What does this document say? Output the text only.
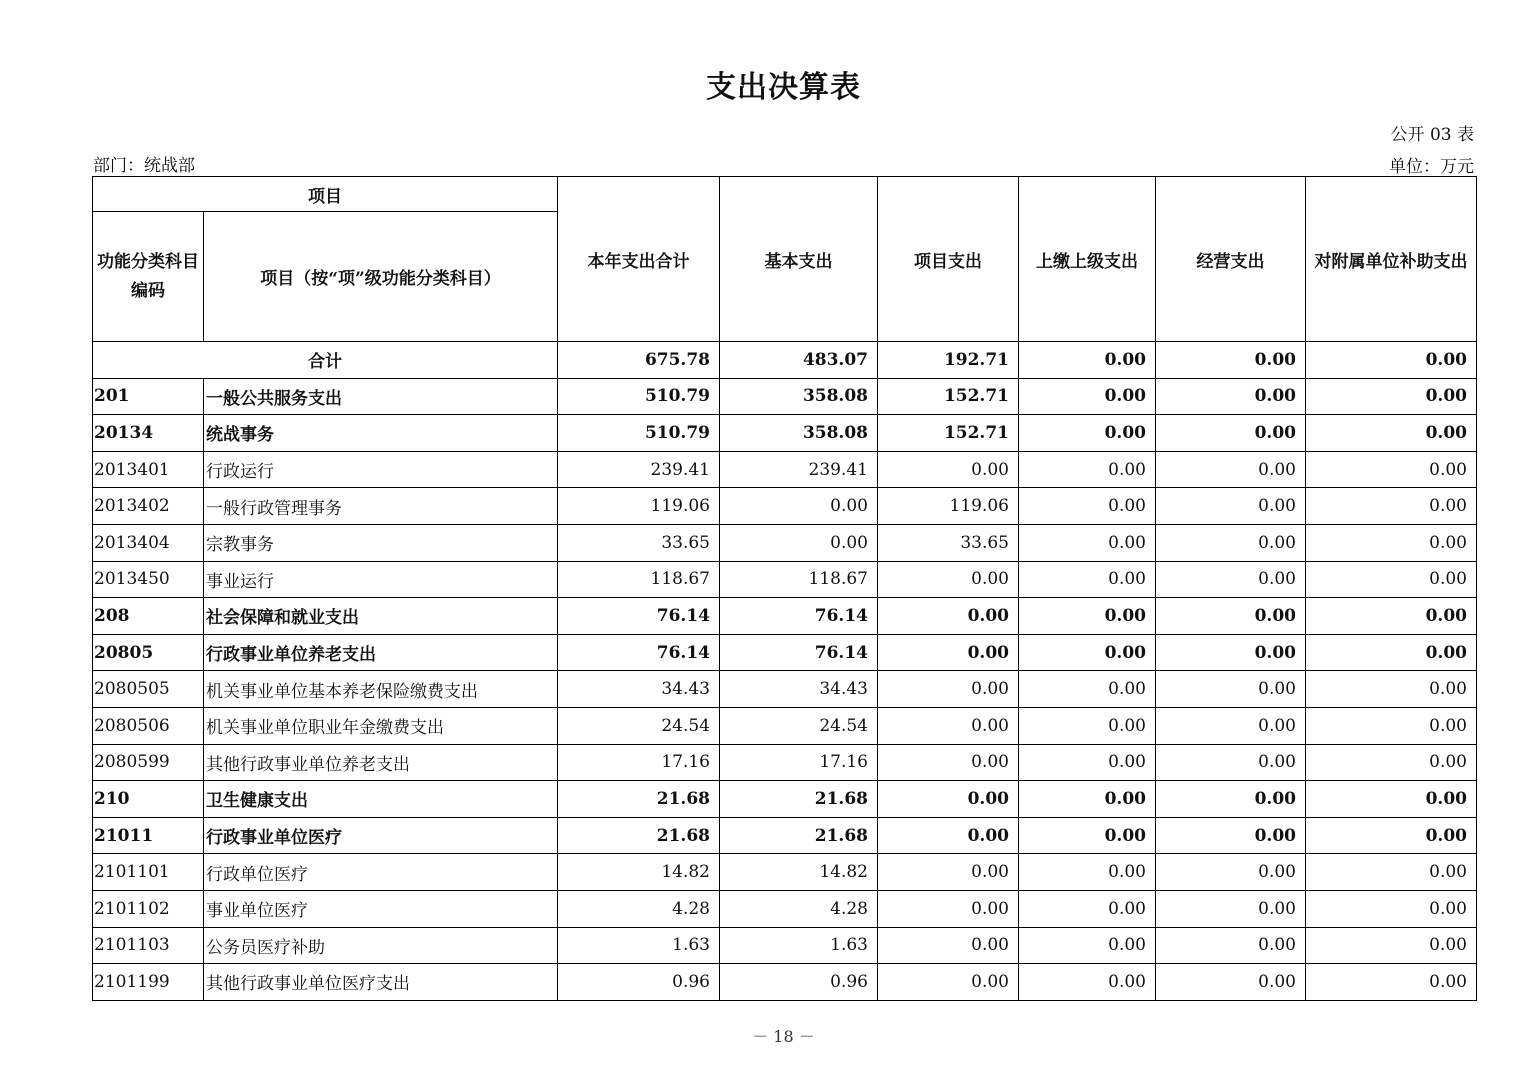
支出决算表
公开 03 表
部门：统战部	单位：万元
项目		本年支出合计	基本支出	项目支出	上缴上级支出	经营支出	对附属单位补助支出
功能分类科目编码	项目（按“项”级功能分类科目）						
合计		675.78	483.07	192.71	0.00	0.00	0.00
201	一般公共服务支出	510.79	358.08	152.71	0.00	0.00	0.00
20134	统战事务	510.79	358.08	152.71	0.00	0.00	0.00
2013401	行政运行	239.41	239.41	0.00	0.00	0.00	0.00
2013402	一般行政管理事务	119.06	0.00	119.06	0.00	0.00	0.00
2013404	宗教事务	33.65	0.00	33.65	0.00	0.00	0.00
2013450	事业运行	118.67	118.67	0.00	0.00	0.00	0.00
208	社会保障和就业支出	76.14	76.14	0.00	0.00	0.00	0.00
20805	行政事业单位养老支出	76.14	76.14	0.00	0.00	0.00	0.00
2080505	机关事业单位基本养老保险缴费支出	34.43	34.43	0.00	0.00	0.00	0.00
2080506	机关事业单位职业年金缴费支出	24.54	24.54	0.00	0.00	0.00	0.00
2080599	其他行政事业单位养老支出	17.16	17.16	0.00	0.00	0.00	0.00
210	卫生健康支出	21.68	21.68	0.00	0.00	0.00	0.00
21011	行政事业单位医疗	21.68	21.68	0.00	0.00	0.00	0.00
2101101	行政单位医疗	14.82	14.82	0.00	0.00	0.00	0.00
2101102	事业单位医疗	4.28	4.28	0.00	0.00	0.00	0.00
2101103	公务员医疗补助	1.63	1.63	0.00	0.00	0.00	0.00
2101199	其他行政事业单位医疗支出	0.96	0.96	0.00	0.00	0.00	0.00
－ 18 －
